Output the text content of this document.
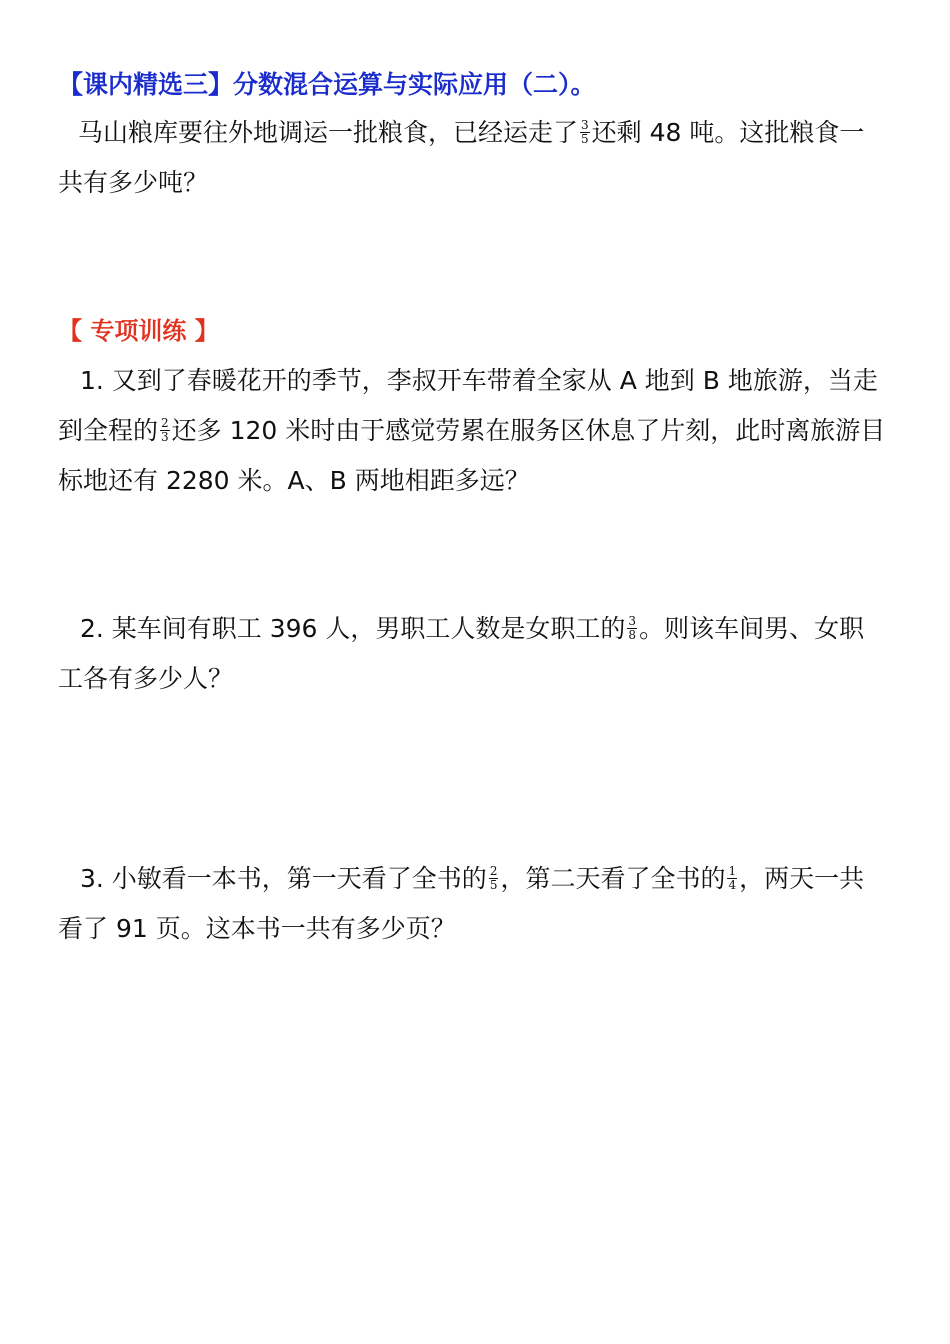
【课内精选三】分数混合运算与实际应用（二）。
马山粮库要往外地调运一批粮食，已经运走了 $\frac{3}{5}$ 还剩 48 吨。这批粮食一
共有多少吨？
【 专项训练 】
1. 又到了春暖花开的季节，李叔开车带着全家从 A 地到 B 地旅游，当走
到全程的 $\frac{2}{3}$ 还多 120 米时由于感觉劳累在服务区休息了片刻，此时离旅游目
标地还有 2280 米。A、B 两地相距多远？
2. 某车间有职工 396 人，男职工人数是女职工的 $\frac{3}{8}$ 。则该车间男、女职
工各有多少人？
3. 小敏看一本书，第一天看了全书的 $\frac{2}{5}$ ，第二天看了全书的 $\frac{1}{4}$ ，两天一共
看了 91 页。这本书一共有多少页？
